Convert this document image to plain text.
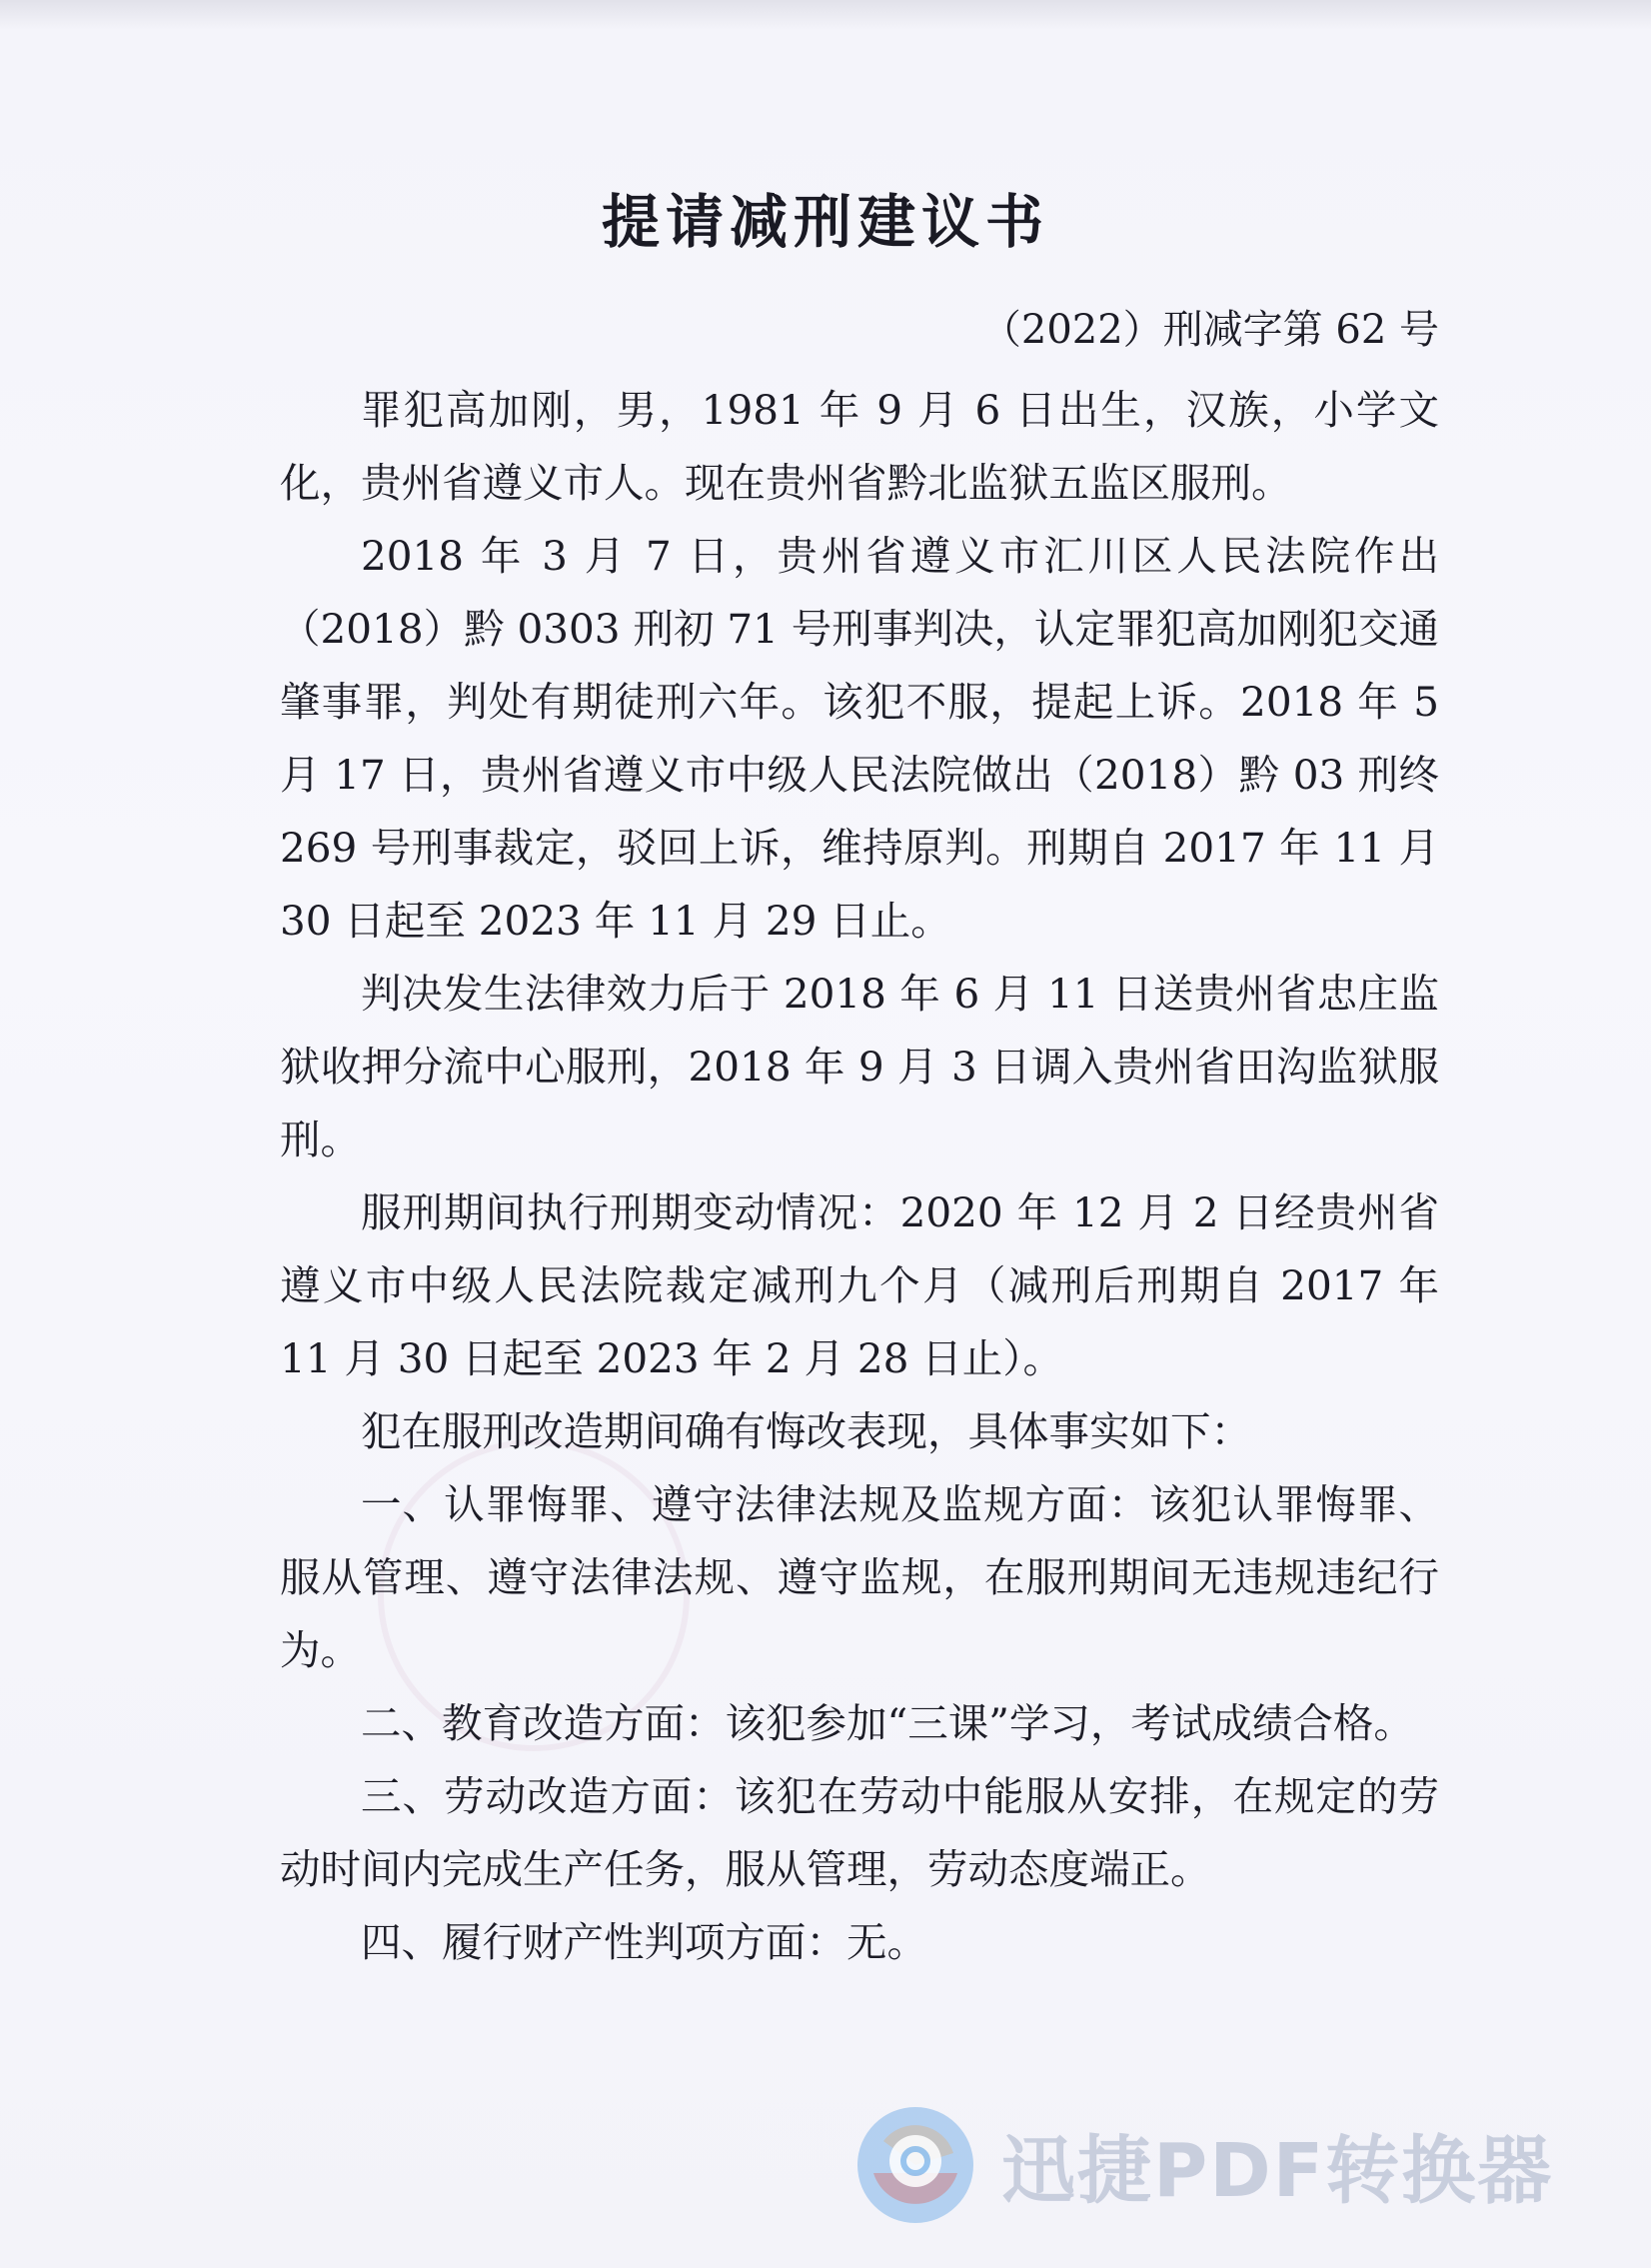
提请减刑建议书
（2022）刑减字第 62 号

罪犯高加刚，男，1981 年 9 月 6 日出生，汉族，小学文化，贵州省遵义市人。现在贵州省黔北监狱五监区服刑。

2018 年 3 月 7 日，贵州省遵义市汇川区人民法院作出（2018）黔 0303 刑初 71 号刑事判决，认定罪犯高加刚犯交通肇事罪，判处有期徒刑六年。该犯不服，提起上诉。2018 年 5 月 17 日，贵州省遵义市中级人民法院做出（2018）黔 03 刑终 269 号刑事裁定，驳回上诉，维持原判。刑期自 2017 年 11 月 30 日起至 2023 年 11 月 29 日止。

判决发生法律效力后于 2018 年 6 月 11 日送贵州省忠庄监狱收押分流中心服刑，2018 年 9 月 3 日调入贵州省田沟监狱服刑。

服刑期间执行刑期变动情况：2020 年 12 月 2 日经贵州省遵义市中级人民法院裁定减刑九个月（减刑后刑期自 2017 年 11 月 30 日起至 2023 年 2 月 28 日止）。

犯在服刑改造期间确有悔改表现，具体事实如下：

一、认罪悔罪、遵守法律法规及监规方面：该犯认罪悔罪、服从管理、遵守法律法规、遵守监规，在服刑期间无违规违纪行为。

二、教育改造方面：该犯参加“三课”学习，考试成绩合格。

三、劳动改造方面：该犯在劳动中能服从安排，在规定的劳动时间内完成生产任务，服从管理，劳动态度端正。

四、履行财产性判项方面：无。

迅捷PDF转换器
